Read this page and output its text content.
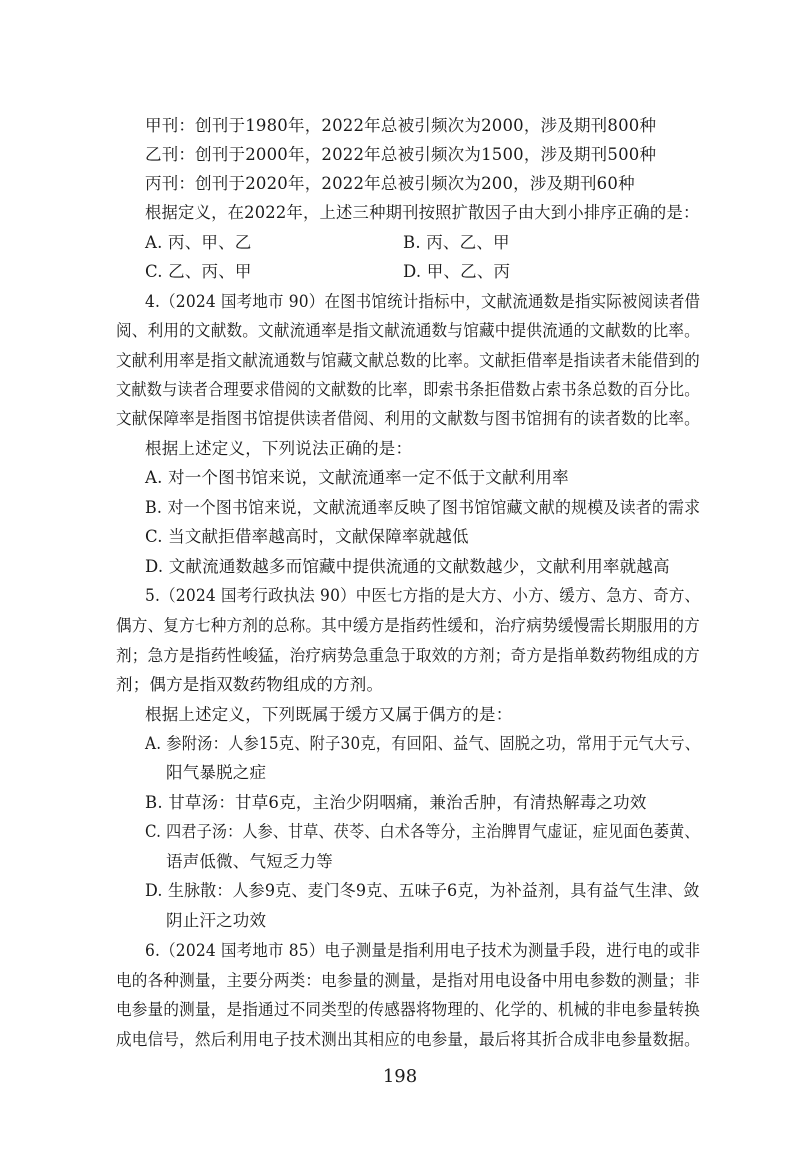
甲刊：创刊于1980年，2022年总被引频次为2000，涉及期刊800种
乙刊：创刊于2000年，2022年总被引频次为1500，涉及期刊500种
丙刊：创刊于2020年，2022年总被引频次为200，涉及期刊60种
根据定义，在2022年，上述三种期刊按照扩散因子由大到小排序正确的是：
A. 丙、甲、乙	B. 丙、乙、甲
C. 乙、丙、甲	D. 甲、乙、丙
4.（2024 国考地市 90）在图书馆统计指标中，文献流通数是指实际被阅读者借
阅、利用的文献数。文献流通率是指文献流通数与馆藏中提供流通的文献数的比率。
文献利用率是指文献流通数与馆藏文献总数的比率。文献拒借率是指读者未能借到的
文献数与读者合理要求借阅的文献数的比率，即索书条拒借数占索书条总数的百分比。
文献保障率是指图书馆提供读者借阅、利用的文献数与图书馆拥有的读者数的比率。
根据上述定义，下列说法正确的是：
A. 对一个图书馆来说，文献流通率一定不低于文献利用率
B. 对一个图书馆来说，文献流通率反映了图书馆馆藏文献的规模及读者的需求
C. 当文献拒借率越高时，文献保障率就越低
D. 文献流通数越多而馆藏中提供流通的文献数越少，文献利用率就越高
5.（2024 国考行政执法 90）中医七方指的是大方、小方、缓方、急方、奇方、
偶方、复方七种方剂的总称。其中缓方是指药性缓和，治疗病势缓慢需长期服用的方
剂；急方是指药性峻猛，治疗病势急重急于取效的方剂；奇方是指单数药物组成的方
剂；偶方是指双数药物组成的方剂。
根据上述定义，下列既属于缓方又属于偶方的是：
A. 参附汤：人参15克、附子30克，有回阳、益气、固脱之功，常用于元气大亏、
阳气暴脱之症
B. 甘草汤：甘草6克，主治少阴咽痛，兼治舌肿，有清热解毒之功效
C. 四君子汤：人参、甘草、茯苓、白术各等分，主治脾胃气虚证，症见面色萎黄、
语声低微、气短乏力等
D. 生脉散：人参9克、麦门冬9克、五味子6克，为补益剂，具有益气生津、敛
阴止汗之功效
6.（2024 国考地市 85）电子测量是指利用电子技术为测量手段，进行电的或非
电的各种测量，主要分两类：电参量的测量，是指对用电设备中用电参数的测量；非
电参量的测量，是指通过不同类型的传感器将物理的、化学的、机械的非电参量转换
成电信号，然后利用电子技术测出其相应的电参量，最后将其折合成非电参量数据。
198
